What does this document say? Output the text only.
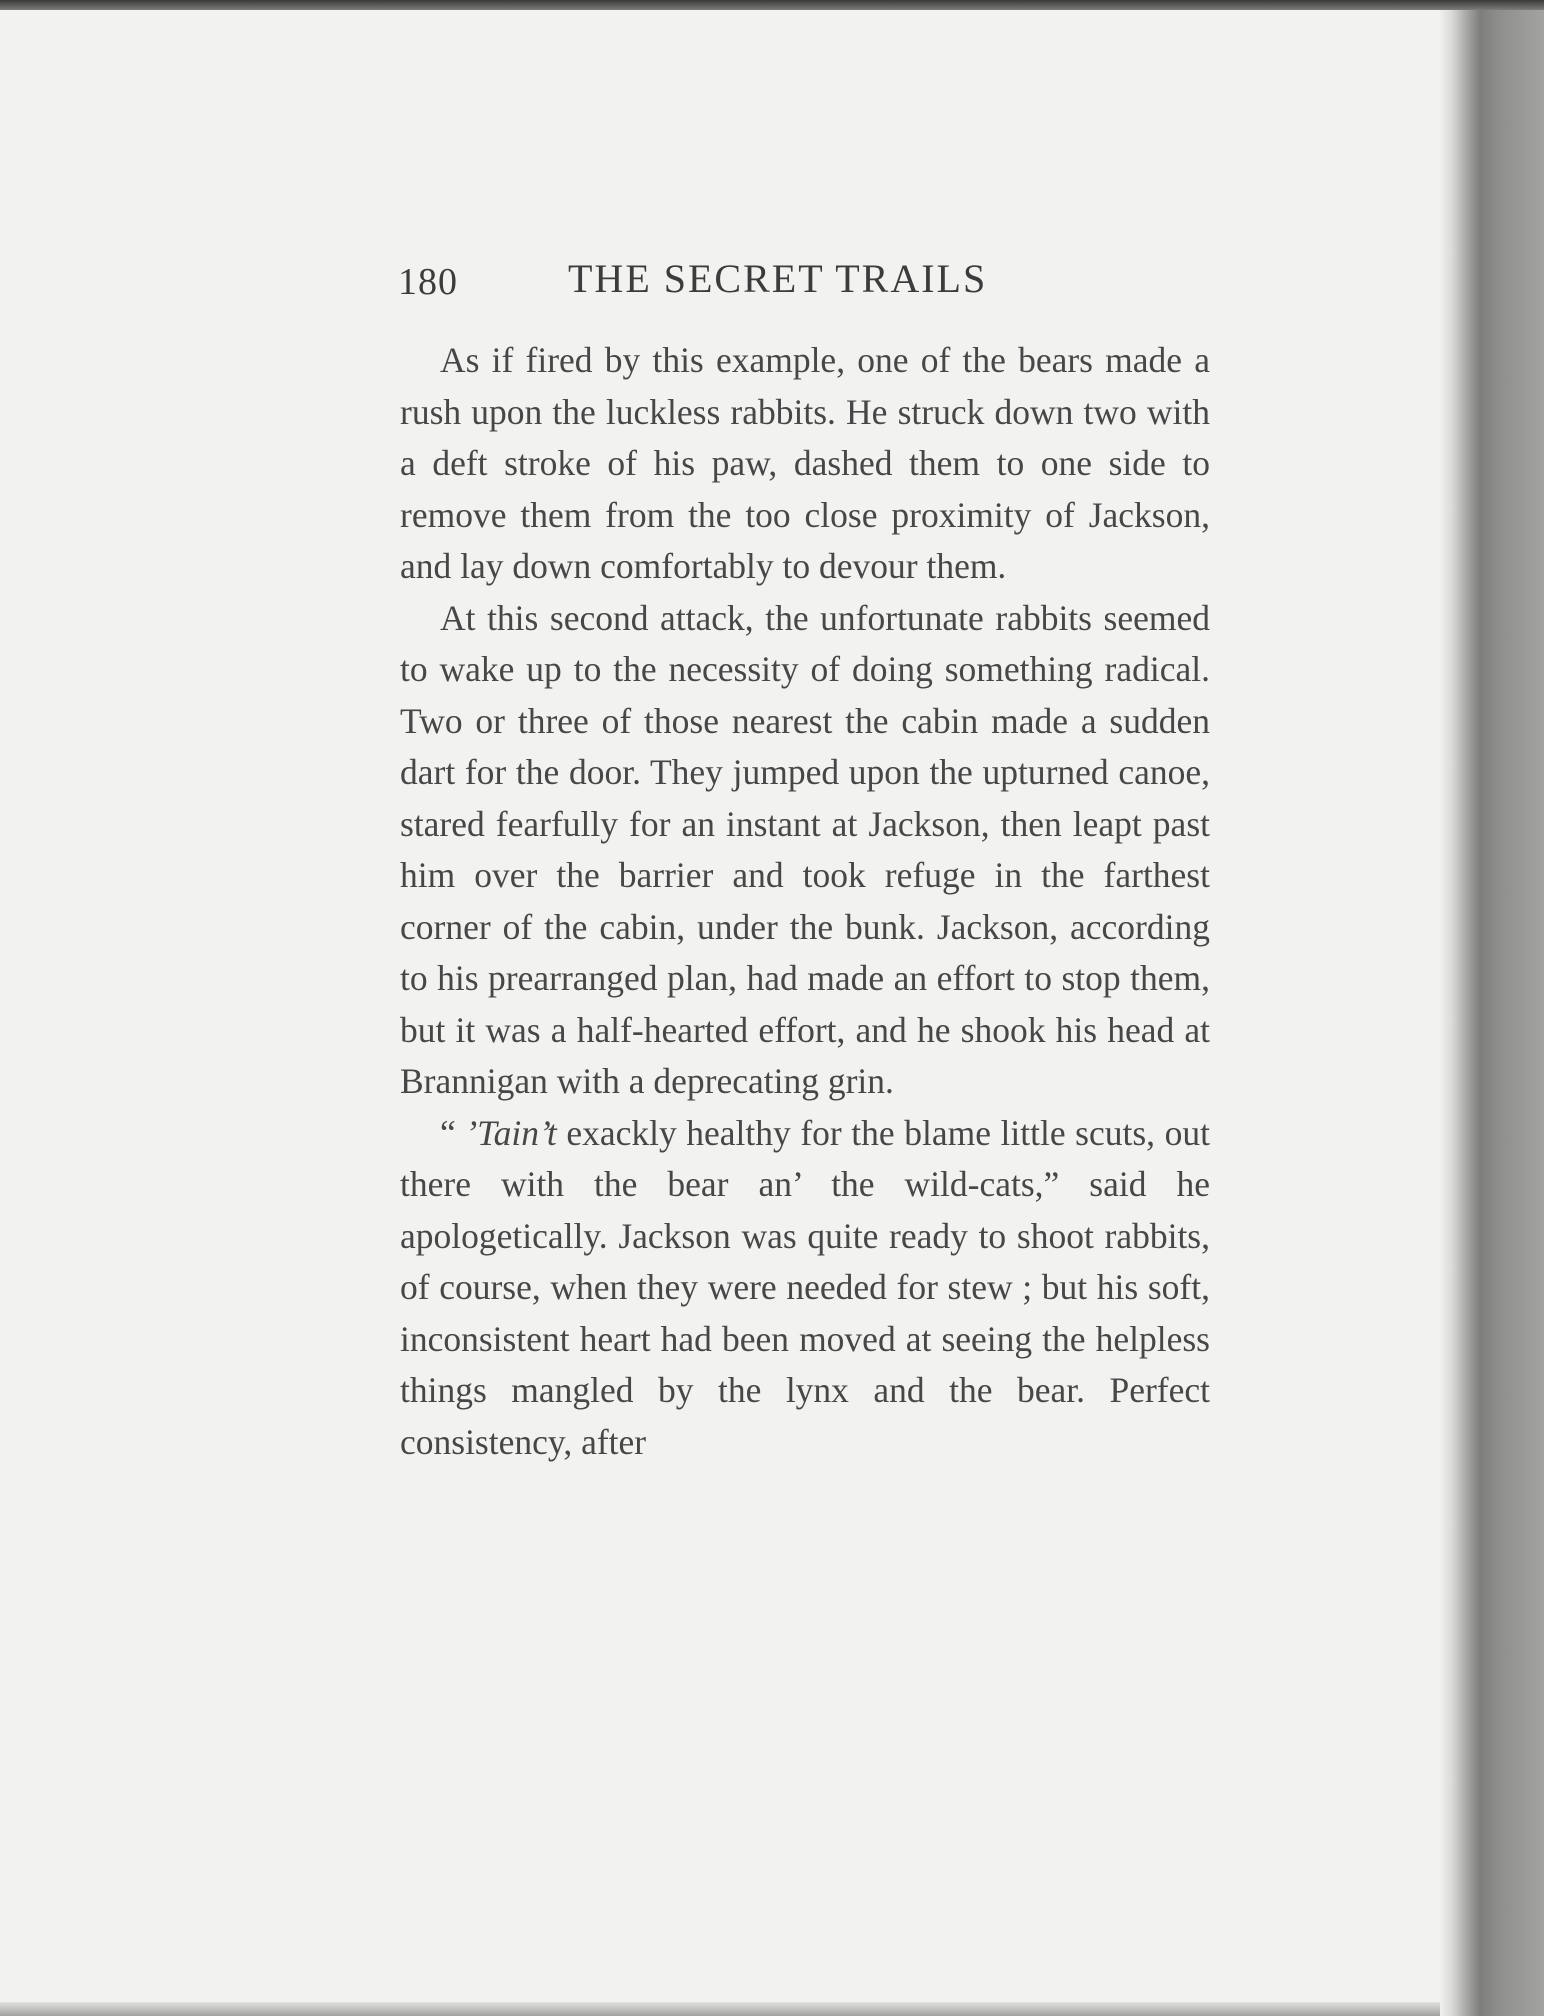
180	THE SECRET TRAILS

As if fired by this example, one of the bears made a rush upon the luckless rabbits. He struck down two with a deft stroke of his paw, dashed them to one side to remove them from the too close proximity of Jackson, and lay down comfortably to devour them.

At this second attack, the unfortunate rabbits seemed to wake up to the necessity of doing something radical. Two or three of those nearest the cabin made a sudden dart for the door. They jumped upon the upturned canoe, stared fearfully for an instant at Jackson, then leapt past him over the barrier and took refuge in the farthest corner of the cabin, under the bunk. Jackson, according to his prearranged plan, had made an effort to stop them, but it was a half-hearted effort, and he shook his head at Brannigan with a deprecating grin.

“ ’Tain’t exackly healthy for the blame little scuts, out there with the bear an’ the wild-cats,” said he apologetically. Jackson was quite ready to shoot rabbits, of course, when they were needed for stew ; but his soft, inconsistent heart had been moved at seeing the helpless things mangled by the lynx and the bear. Perfect consistency, after
